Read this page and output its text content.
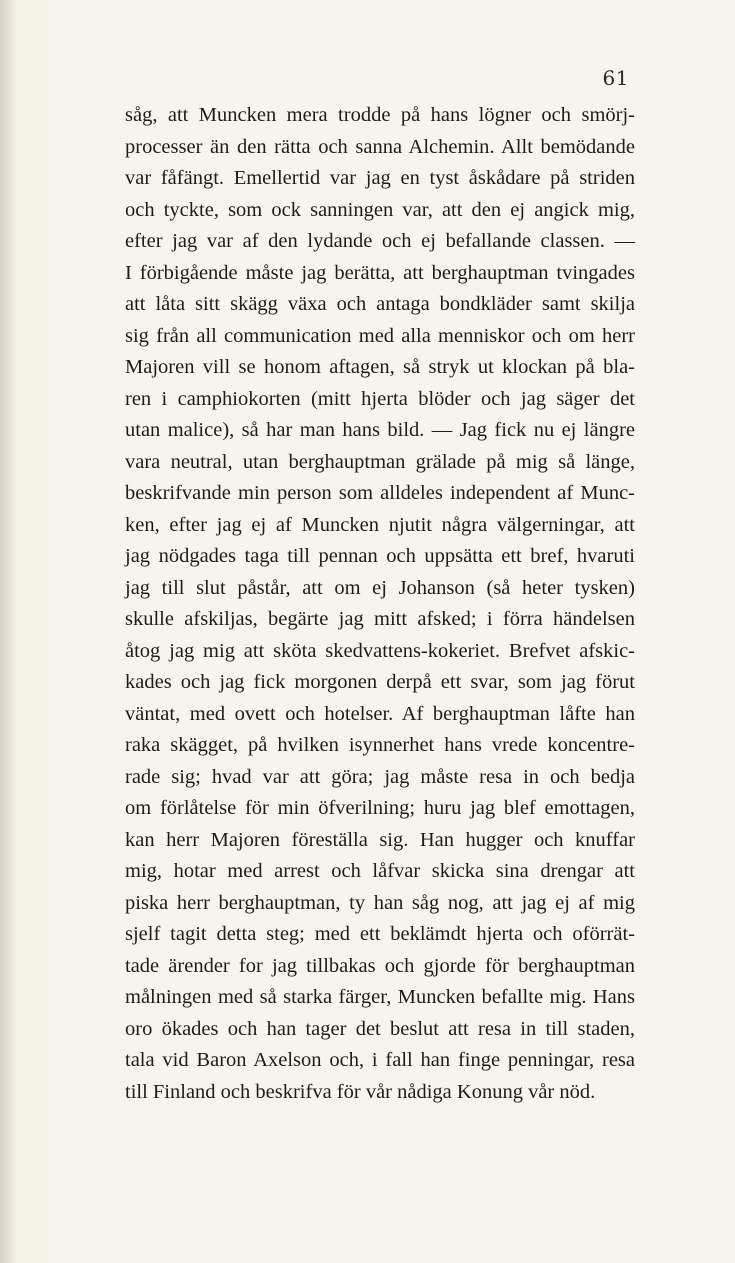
61
såg, att Muncken mera trodde på hans lögner och smörj-
processer än den rätta och sanna Alchemin. Allt bemödande
var fåfängt. Emellertid var jag en tyst åskådare på striden
och tyckte, som ock sanningen var, att den ej angick mig,
efter jag var af den lydande och ej befallande classen. —
I förbigående måste jag berätta, att berghauptman tvingades
att låta sitt skägg växa och antaga bondkläder samt skilja
sig från all communication med alla menniskor och om herr
Majoren vill se honom aftagen, så stryk ut klockan på bla-
ren i camphiokorten (mitt hjerta blöder och jag säger det
utan malice), så har man hans bild. — Jag fick nu ej längre
vara neutral, utan berghauptman grälade på mig så länge,
beskrifvande min person som alldeles independent af Munc-
ken, efter jag ej af Muncken njutit några välgerningar, att
jag nödgades taga till pennan och uppsätta ett bref, hvaruti
jag till slut påstår, att om ej Johanson (så heter tysken)
skulle afskiljas, begärte jag mitt afsked; i förra händelsen
åtog jag mig att sköta skedvattens-kokeriet. Brefvet afskic-
kades och jag fick morgonen derpå ett svar, som jag förut
väntat, med ovett och hotelser. Af berghauptman låfte han
raka skägget, på hvilken isynnerhet hans vrede koncentre-
rade sig; hvad var att göra; jag måste resa in och bedja
om förlåtelse för min öfverilning; huru jag blef emottagen,
kan herr Majoren föreställa sig. Han hugger och knuffar
mig, hotar med arrest och låfvar skicka sina drengar att
piska herr berghauptman, ty han såg nog, att jag ej af mig
sjelf tagit detta steg; med ett beklämdt hjerta och oförrät-
tade ärender for jag tillbakas och gjorde för berghauptman
målningen med så starka färger, Muncken befallte mig. Hans
oro ökades och han tager det beslut att resa in till staden,
tala vid Baron Axelson och, i fall han finge penningar, resa
till Finland och beskrifva för vår nådiga Konung vår nöd.
